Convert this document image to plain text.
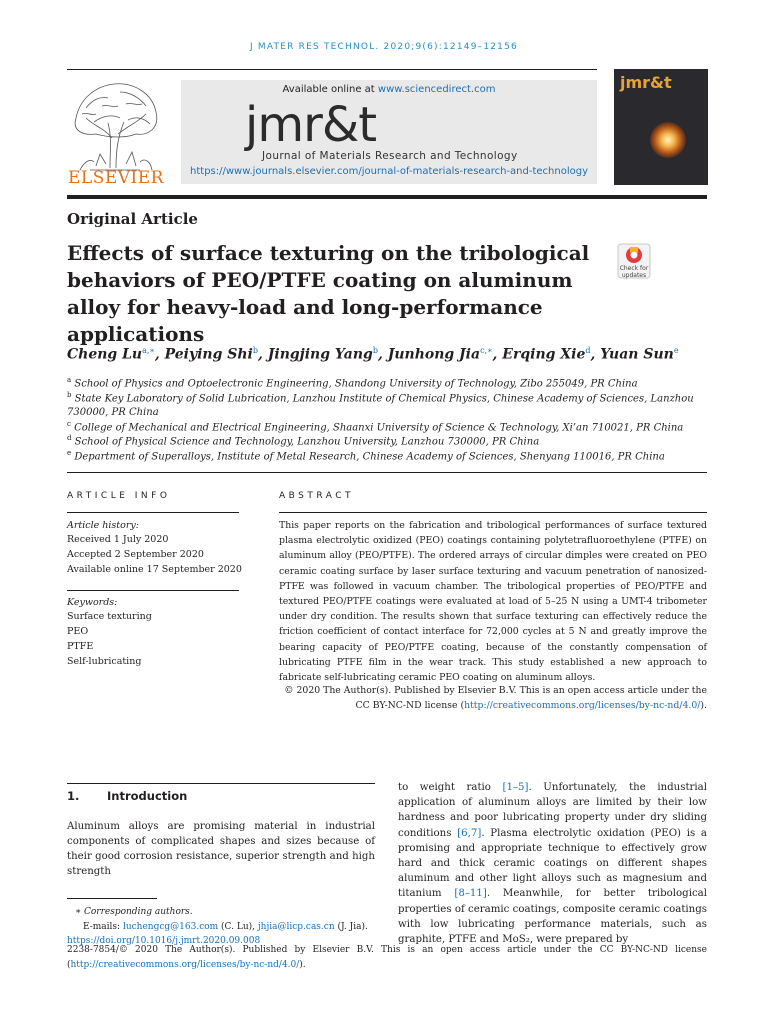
J MATER RES TECHNOL. 2020;9(6):12149–12156
ELSEVIER
Available online at www.sciencedirect.com
jmr&t
Journal of Materials Research and Technology
https://www.journals.elsevier.com/journal-of-materials-research-and-technology
jmr&t
Original Article
Effects of surface texturing on the tribological behaviors of PEO/PTFE coating on aluminum alloy for heavy-load and long-performance applications
Check for updates
Cheng $Lu^{a,∗}$, Peiying Shi$^b$, Jingjing Yang$^b$, Junhong Jia$^{c,∗}$, Erqing Xie$^d$, Yuan Sun$^e$
$^a$ School of Physics and Optoelectronic Engineering, Shandong University of Technology, Zibo 255049, PR China
$^b$ State Key Laboratory of Solid Lubrication, Lanzhou Institute of Chemical Physics, Chinese Academy of Sciences, Lanzhou 730000, PR China
$^c$ College of Mechanical and Electrical Engineering, Shaanxi University of Science & Technology, Xi’an 710021, PR China
$^d$ School of Physical Science and Technology, Lanzhou University, Lanzhou 730000, PR China
$^e$ Department of Superalloys, Institute of Metal Research, Chinese Academy of Sciences, Shenyang 110016, PR China
ARTICLE INFO	ABSTRACT
Article history:
Received 1 July 2020
Accepted 2 September 2020
Available online 17 September 2020
Keywords:
Surface texturing
PEO
PTFE
Self-lubricating
This paper reports on the fabrication and tribological performances of surface textured plasma electrolytic oxidized (PEO) coatings containing polytetrafluoroethylene (PTFE) on aluminum alloy (PEO/PTFE). The ordered arrays of circular dimples were created on PEO ceramic coating surface by laser surface texturing and vacuum penetration of nanosized-PTFE was followed in vacuum chamber. The tribological properties of PEO/PTFE and textured PEO/PTFE coatings were evaluated at load of 5–25 N using a UMT-4 tribometer under dry condition. The results shown that surface texturing can effectively reduce the friction coefficient of contact interface for 72,000 cycles at 5 N and greatly improve the bearing capacity of PEO/PTFE coating, because of the constantly compensation of lubricating PTFE film in the wear track. This study established a new approach to fabricate self-lubricating ceramic PEO coating on aluminum alloys.
© 2020 The Author(s). Published by Elsevier B.V. This is an open access article under the
CC BY-NC-ND license (http://creativecommons.org/licenses/by-nc-nd/4.0/).
1. Introduction
Aluminum alloys are promising material in industrial components of complicated shapes and sizes because of their good corrosion resistance, superior strength and high strength
to weight ratio [1–5]. Unfortunately, the industrial application of aluminum alloys are limited by their low hardness and poor lubricating property under dry sliding conditions [6,7]. Plasma electrolytic oxidation (PEO) is a promising and appropriate technique to effectively grow hard and thick ceramic coatings on different shapes aluminum and other light alloys such as magnesium and titanium [8–11]. Meanwhile, for better tribological properties of ceramic coatings, composite ceramic coatings with low lubricating performance materials, such as graphite, PTFE and MoS₂, were prepared by
∗ Corresponding authors.
E-mails: luchengcg@163.com (C. Lu), jhjia@licp.cas.cn (J. Jia).
https://doi.org/10.1016/j.jmrt.2020.09.008
2238-7854/© 2020 The Author(s). Published by Elsevier B.V. This is an open access article under the CC BY-NC-ND license (http://creativecommons.org/licenses/by-nc-nd/4.0/).
